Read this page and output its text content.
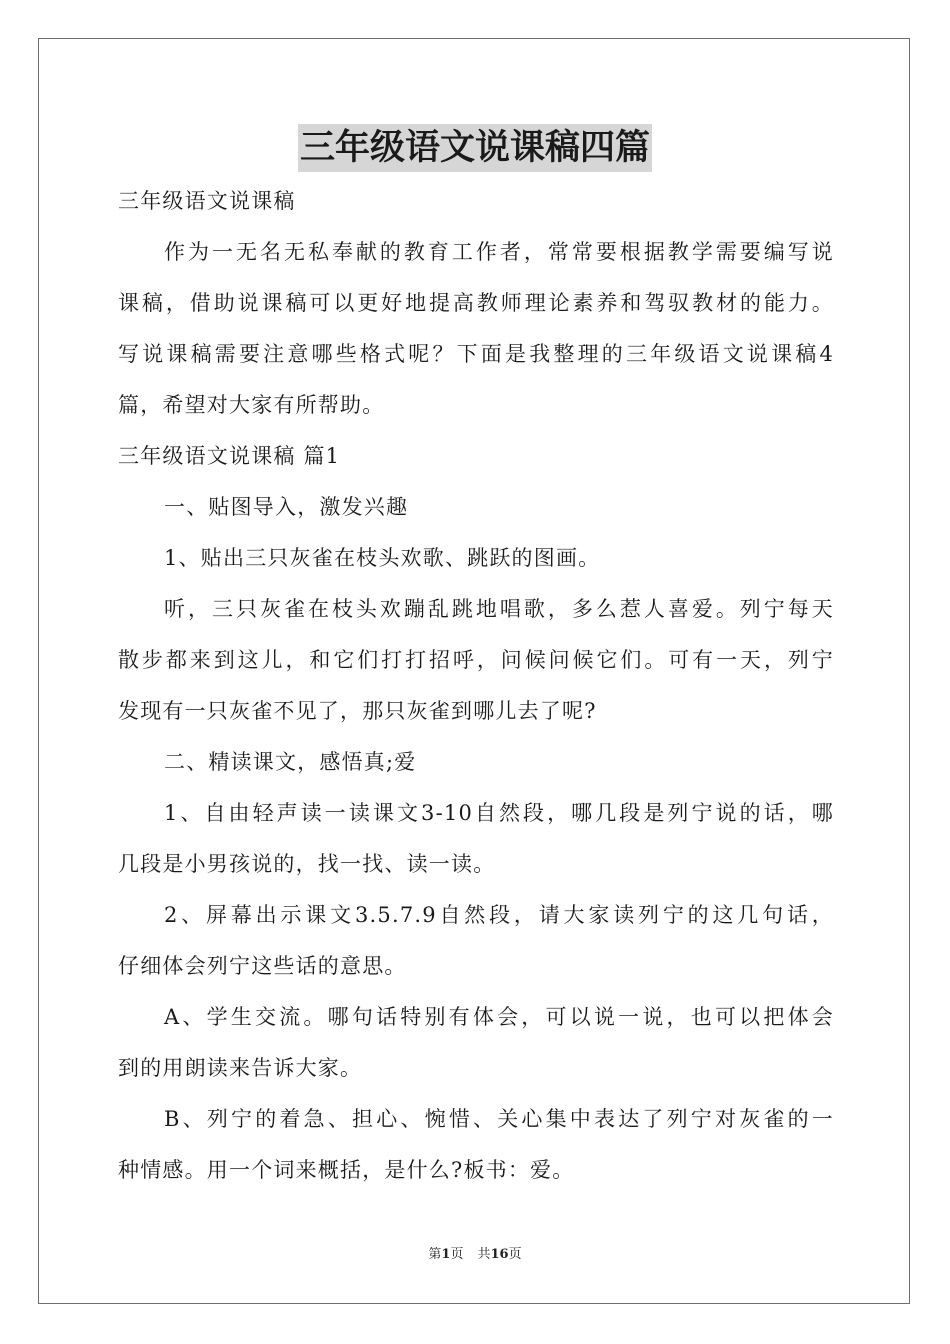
三年级语文说课稿四篇
三年级语文说课稿
作为一无名无私奉献的教育工作者，常常要根据教学需要编写说
课稿，借助说课稿可以更好地提高教师理论素养和驾驭教材的能力。
写说课稿需要注意哪些格式呢？下面是我整理的三年级语文说课稿4
篇，希望对大家有所帮助。
三年级语文说课稿 篇1
一、贴图导入，激发兴趣
1、贴出三只灰雀在枝头欢歌、跳跃的图画。
听，三只灰雀在枝头欢蹦乱跳地唱歌，多么惹人喜爱。列宁每天
散步都来到这儿，和它们打打招呼，问候问候它们。可有一天，列宁
发现有一只灰雀不见了，那只灰雀到哪儿去了呢?
二、精读课文，感悟真;爱
1、自由轻声读一读课文3-10自然段，哪几段是列宁说的话，哪
几段是小男孩说的，找一找、读一读。
2、屏幕出示课文3.5.7.9自然段，请大家读列宁的这几句话，
仔细体会列宁这些话的意思。
A、学生交流。哪句话特别有体会，可以说一说，也可以把体会
到的用朗读来告诉大家。
B、列宁的着急、担心、惋惜、关心集中表达了列宁对灰雀的一
种情感。用一个词来概括，是什么?板书：爱。
第1页 共16页
